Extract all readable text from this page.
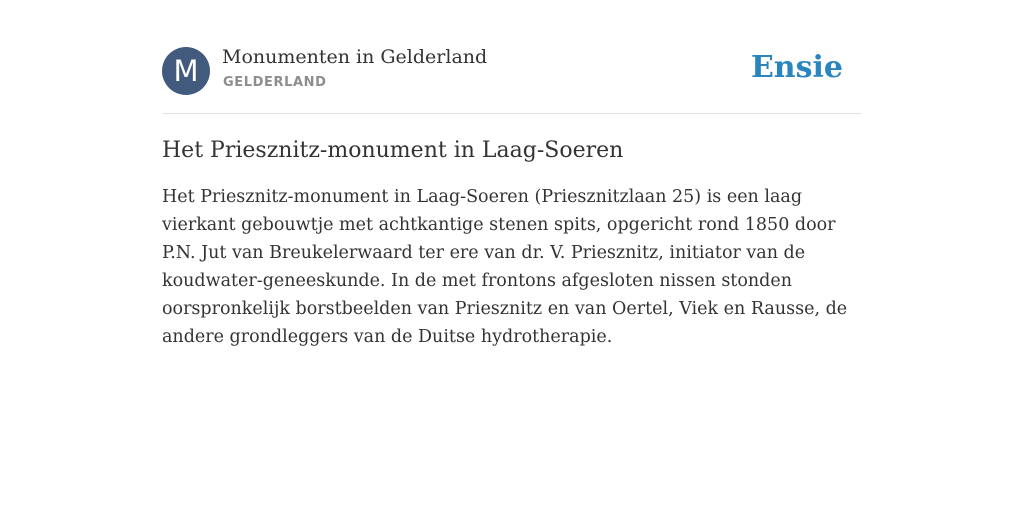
M	Monumenten in Gelderland
GELDERLAND	Ensie
Het Priesznitz-monument in Laag-Soeren

Het Priesznitz-monument in Laag-Soeren (Priesznitzlaan 25) is een laag vierkant gebouwtje met achtkantige stenen spits, opgericht rond 1850 door P.N. Jut van Breukelerwaard ter ere van dr. V. Priesznitz, initiator van de koudwater-geneeskunde. In de met frontons afgesloten nissen stonden oorspronkelijk borstbeelden van Priesznitz en van Oertel, Viek en Rausse, de andere grondleggers van de Duitse hydrotherapie.
